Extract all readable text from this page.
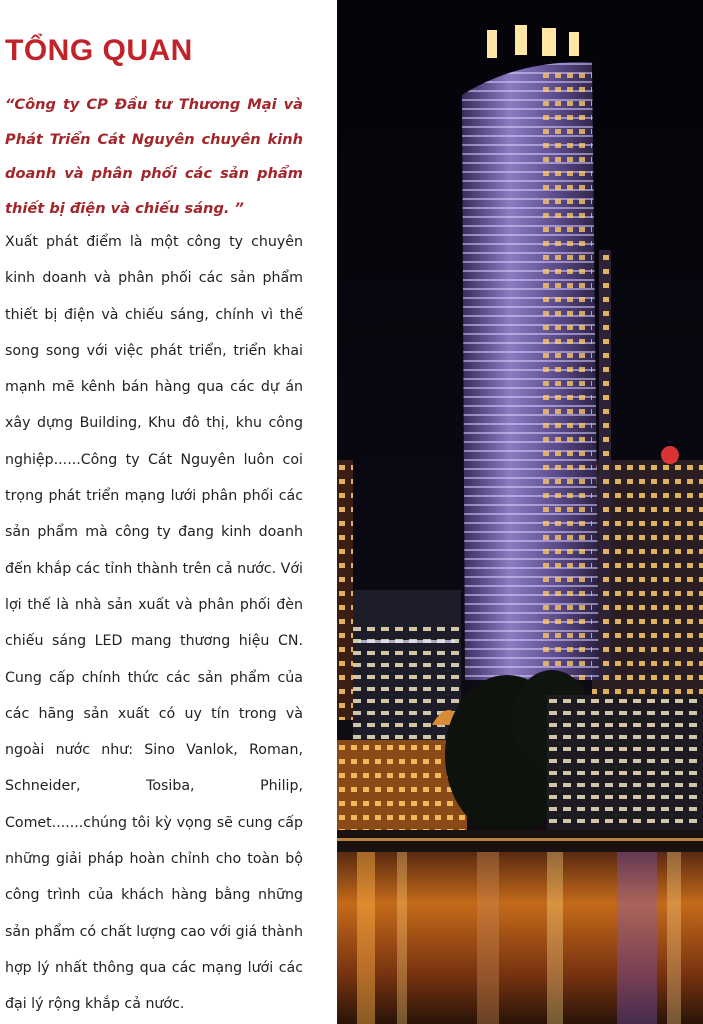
TỔNG QUAN

“Công ty CP Đầu tư Thương Mại và Phát Triển Cát Nguyên chuyên kinh doanh và phân phối các sản phẩm thiết bị điện và chiếu sáng. ”

Xuất phát điểm là một công ty chuyên kinh doanh và phân phối các sản phẩm thiết bị điện và chiếu sáng, chính vì thế song song với việc phát triển, triển khai mạnh mẽ kênh bán hàng qua các dự án xây dựng Building, Khu đô thị, khu công nghiệp......Công ty Cát Nguyên luôn coi trọng phát triển mạng lưới phân phối các sản phẩm mà công ty đang kinh doanh đến khắp các tỉnh thành trên cả nước. Với lợi thế là nhà sản xuất và phân phối đèn chiếu sáng LED mang thương hiệu CN. Cung cấp chính thức các sản phẩm của các hãng sản xuất có uy tín trong và ngoài nước như: Sino Vanlok, Roman, Schneider, Tosiba, Philip, Comet.......chúng tôi kỳ vọng sẽ cung cấp những giải pháp hoàn chỉnh cho toàn bộ công trình của khách hàng bằng những sản phẩm có chất lượng cao với giá thành hợp lý nhất thông qua các mạng lưới các đại lý rộng khắp cả nước.
